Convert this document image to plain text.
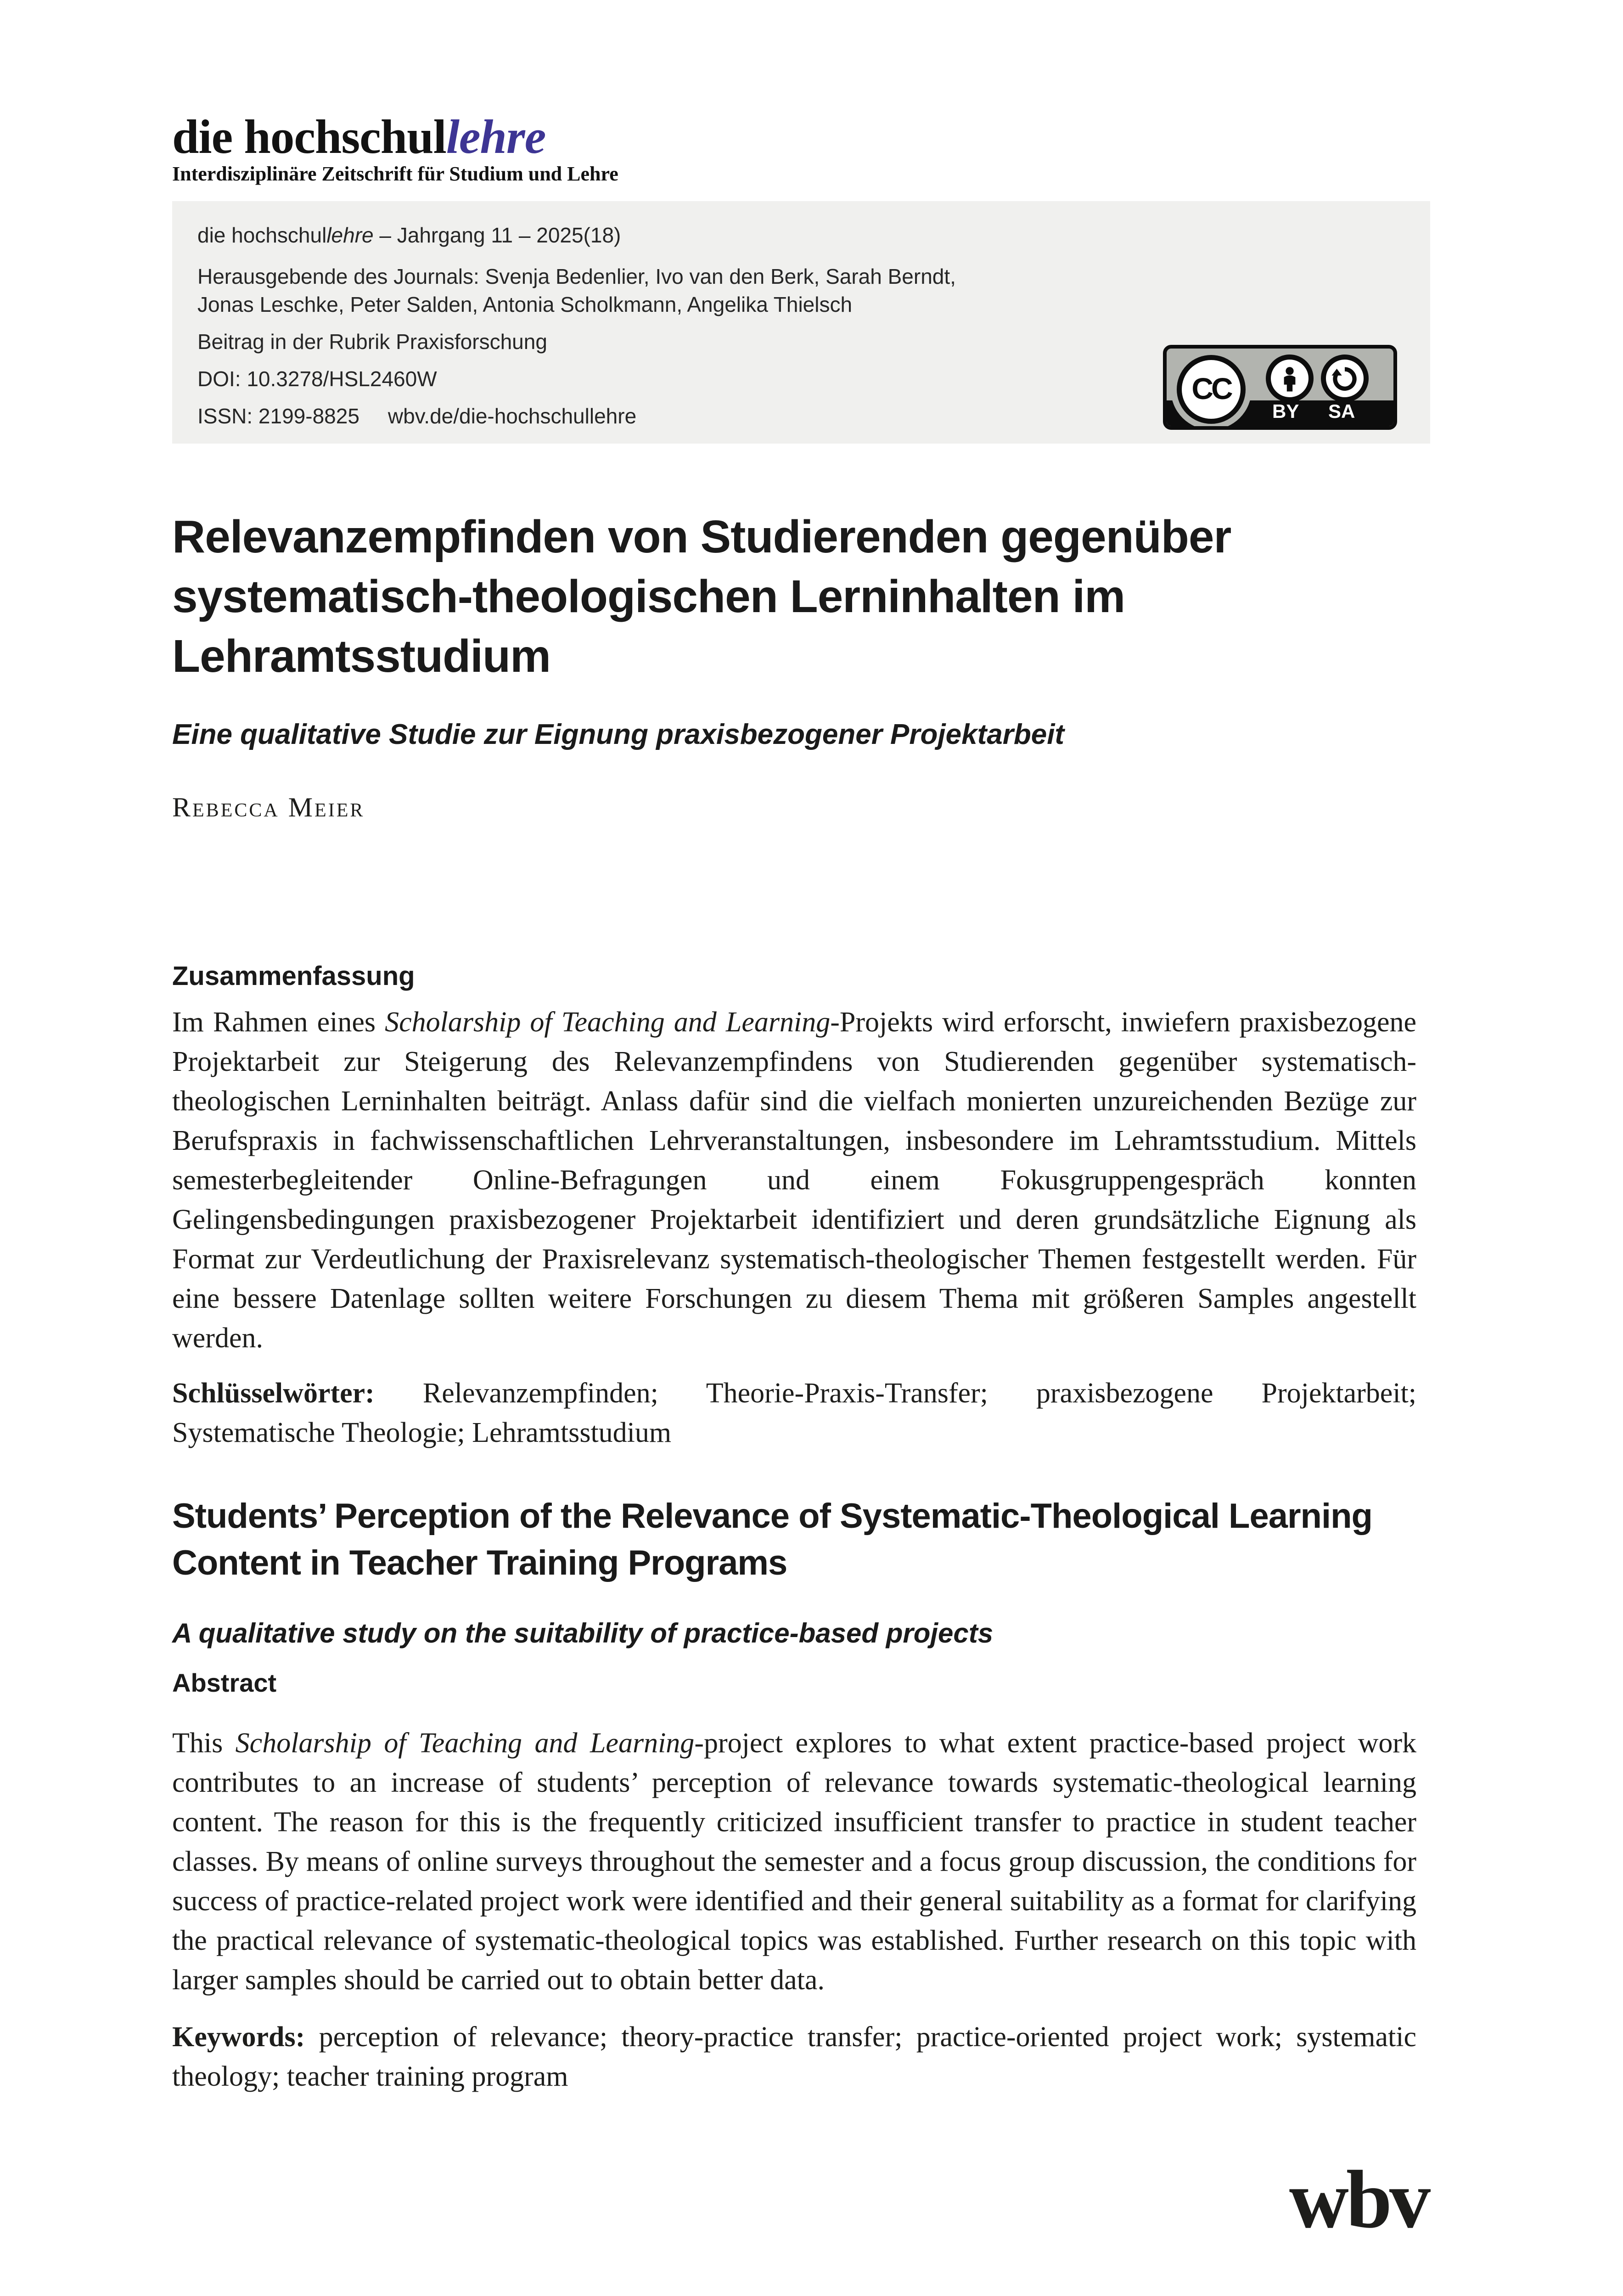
die hochschullehre
Interdisziplinäre Zeitschrift für Studium und Lehre

die hochschullehre – Jahrgang 11 – 2025(18)

Herausgebende des Journals: Svenja Bedenlier, Ivo van den Berk, Sarah Berndt,

Jonas Leschke, Peter Salden, Antonia Scholkmann, Angelika Thielsch

Beitrag in der Rubrik Praxisforschung

DOI: 10.3278/HSL2460W

ISSN: 2199-8825 wbv.de/die-hochschullehre

CC
BY SA
Relevanzempfinden von Studierenden gegenüber
systematisch-theologischen Lerninhalten im
Lehramtsstudium
Eine qualitative Studie zur Eignung praxisbezogener Projektarbeit
Rebecca Meier
Zusammenfassung

Im Rahmen eines Scholarship of Teaching and Learning-Projekts wird erforscht, inwiefern praxisbezogene Projektarbeit zur Steigerung des Relevanzempfindens von Studierenden gegenüber systematisch-theologischen Lerninhalten beiträgt. Anlass dafür sind die vielfach monierten unzureichenden Bezüge zur Berufspraxis in fachwissenschaftlichen Lehrveranstaltungen, insbesondere im Lehramtsstudium. Mittels semesterbegleitender Online-Befragungen und einem Fokusgruppengespräch konnten Gelingensbedingungen praxisbezogener Projektarbeit identifiziert und deren grundsätzliche Eignung als Format zur Verdeutlichung der Praxisrelevanz systematisch-theologischer Themen festgestellt werden. Für eine bessere Datenlage sollten weitere Forschungen zu diesem Thema mit größeren Samples angestellt werden.

Schlüsselwörter: Relevanzempfinden; Theorie-Praxis-Transfer; praxisbezogene Projektarbeit; Systematische Theologie; Lehramtsstudium

Students’ Perception of the Relevance of Systematic-Theological Learning
Content in Teacher Training Programs
A qualitative study on the suitability of practice-based projects
Abstract

This Scholarship of Teaching and Learning-project explores to what extent practice-based project work contributes to an increase of students’ perception of relevance towards systematic-theological learning content. The reason for this is the frequently criticized insufficient transfer to practice in student teacher classes. By means of online surveys throughout the semester and a focus group discussion, the conditions for success of practice-related project work were identified and their general suitability as a format for clarifying the practical relevance of systematic-theological topics was established. Further research on this topic with larger samples should be carried out to obtain better data.

Keywords: perception of relevance; theory-practice transfer; practice-oriented project work; systematic theology; teacher training program

wbv
